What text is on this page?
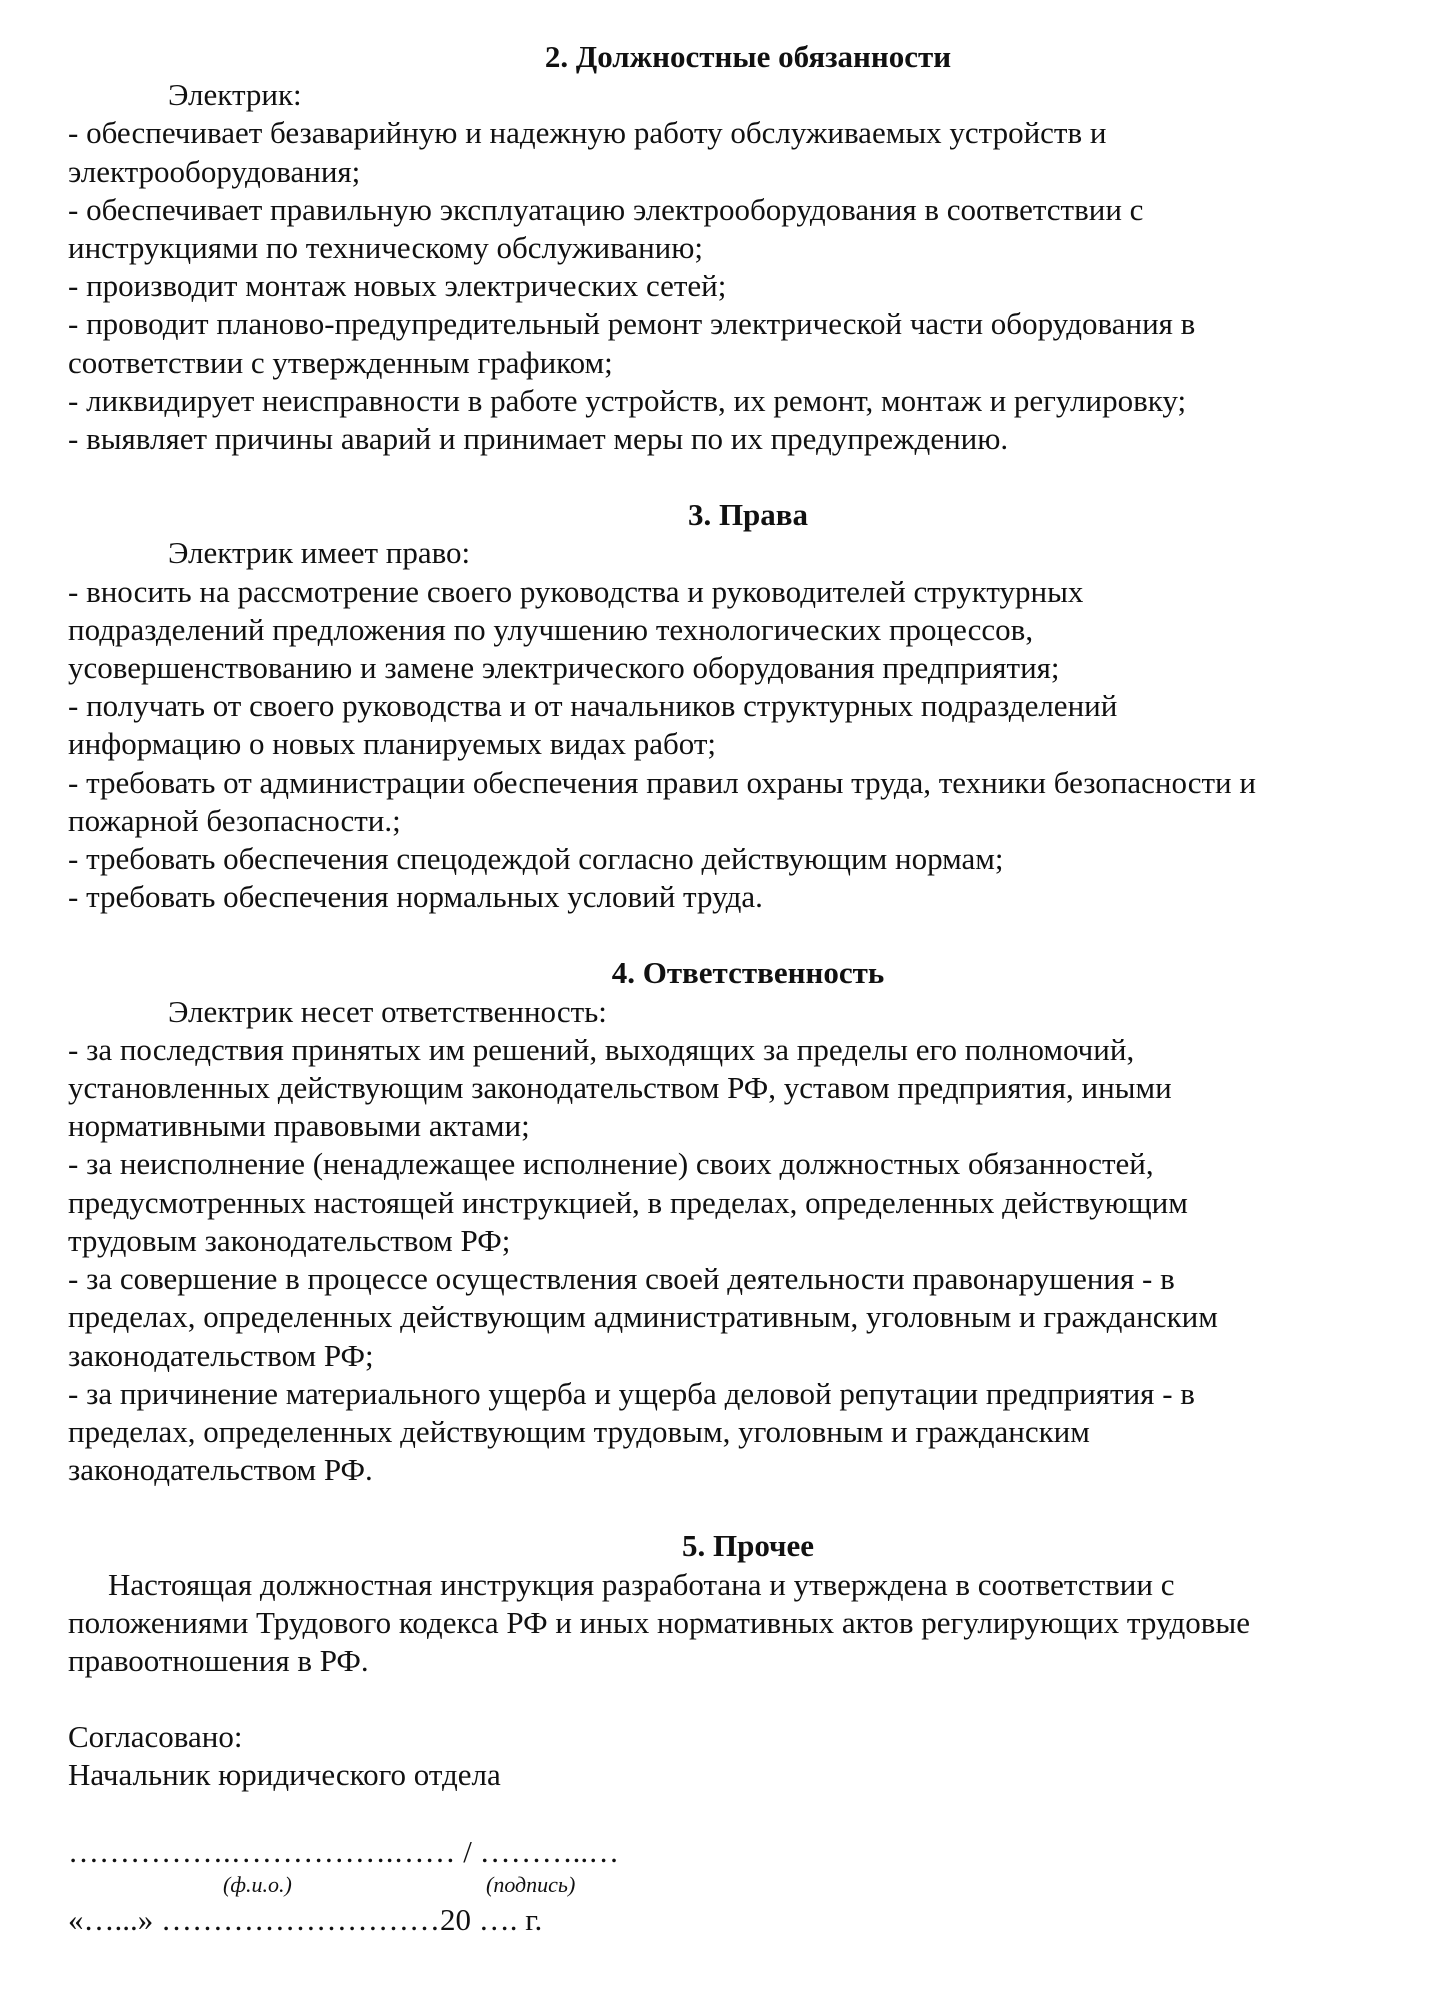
2. Должностные обязанности

Электрик:

- обеспечивает безаварийную и надежную работу обслуживаемых устройств и
электрооборудования;

- обеспечивает правильную эксплуатацию электрооборудования в соответствии с
инструкциями по техническому обслуживанию;

- производит монтаж новых электрических сетей;

- проводит планово-предупредительный ремонт электрической части оборудования в
соответствии с утвержденным графиком;

- ликвидирует неисправности в работе устройств, их ремонт, монтаж и регулировку;

- выявляет причины аварий и принимает меры по их предупреждению.

3. Права

Электрик имеет право:

- вносить на рассмотрение своего руководства и руководителей структурных
подразделений предложения по улучшению технологических процессов,
усовершенствованию и замене электрического оборудования предприятия;

- получать от своего руководства и от начальников структурных подразделений
информацию о новых планируемых видах работ;

- требовать от администрации обеспечения правил охраны труда, техники безопасности и
пожарной безопасности.;

- требовать обеспечения спецодеждой согласно действующим нормам;

- требовать обеспечения нормальных условий труда.

4. Ответственность

Электрик несет ответственность:

- за последствия принятых им решений, выходящих за пределы его полномочий,
установленных действующим законодательством РФ, уставом предприятия, иными
нормативными правовыми актами;

- за неисполнение (ненадлежащее исполнение) своих должностных обязанностей,
предусмотренных настоящей инструкцией, в пределах, определенных действующим
трудовым законодательством РФ;

- за совершение в процессе осуществления своей деятельности правонарушения - в
пределах, определенных действующим административным, уголовным и гражданским
законодательством РФ;

- за причинение материального ущерба и ущерба деловой репутации предприятия - в
пределах, определенных действующим трудовым, уголовным и гражданским
законодательством РФ.

5. Прочее

Настоящая должностная инструкция разработана и утверждена в соответствии с
положениями Трудового кодекса РФ и иных нормативных актов регулирующих трудовые
правоотношения в РФ.

Согласовано:

Начальник юридического отдела

…………….…………….…… / ………..…

(ф.и.о.)	(подпись)

«…...» ………………………20 …. г.
